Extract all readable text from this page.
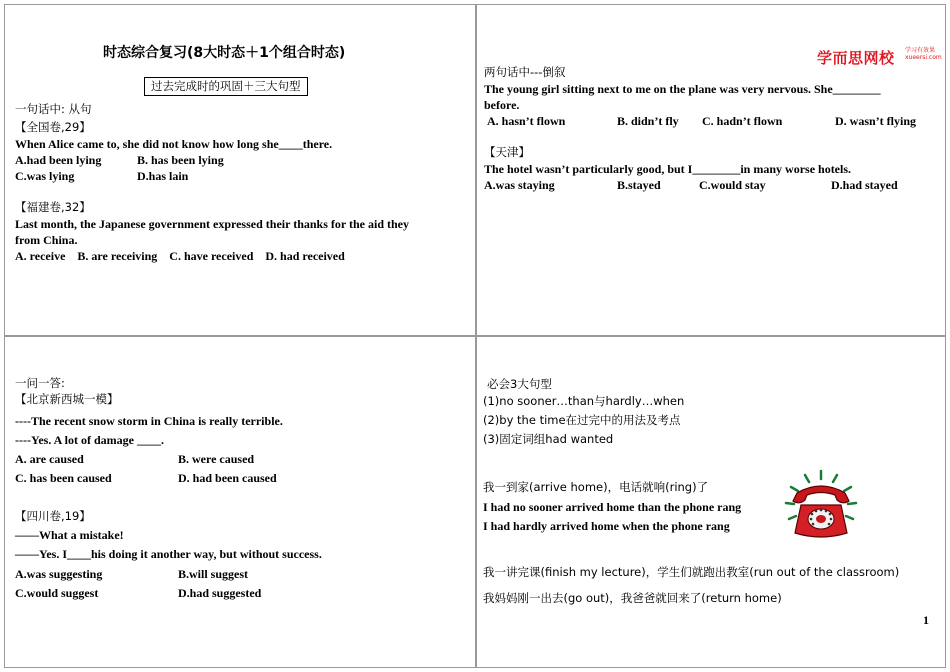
时态综合复习(8大时态＋1个组合时态)
过去完成时的巩固＋三大句型
一句话中: 从句
【全国卷,29】
When Alice came to, she did not know how long she____there.
A.had been lying	B. has been lying
C.was lying	D.has lain
【福建卷,32】
Last month, the Japanese government expressed their thanks for the aid they
from China.
A. receive    B. are receiving    C. have received    D. had received
学而思网校 学习有效果 xueersi.com
两句话中---倒叙
The young girl sitting next to me on the plane was very nervous. She________
before.
A. hasn’t flown	B. didn’t fly C. hadn’t flown	D. wasn’t flying
【天津】
The hotel wasn’t particularly good, but I________in many worse hotels.
A.was staying	B.stayed	C.would stay	D.had stayed
一问一答:
【北京新西城一模】
----The recent snow storm in China is really terrible.
----Yes. A lot of damage ____.
A. are caused	B. were caused
C. has been caused	D. had been caused
【四川卷,19】
——What a mistake!
——Yes. I____his doing it another way, but without success.
A.was suggesting	B.will suggest
C.would suggest	D.had suggested
必会3大句型
(1)no sooner…than与hardly…when
(2)by the time在过完中的用法及考点
(3)固定词组had wanted
我一到家(arrive home)，电话就响(ring)了
I had no sooner arrived home than the phone rang
I had hardly arrived home when the phone rang
我一讲完课(finish my lecture)，学生们就跑出教室(run out of the classroom)
我妈妈刚一出去(go out)，我爸爸就回来了(return home)
1
